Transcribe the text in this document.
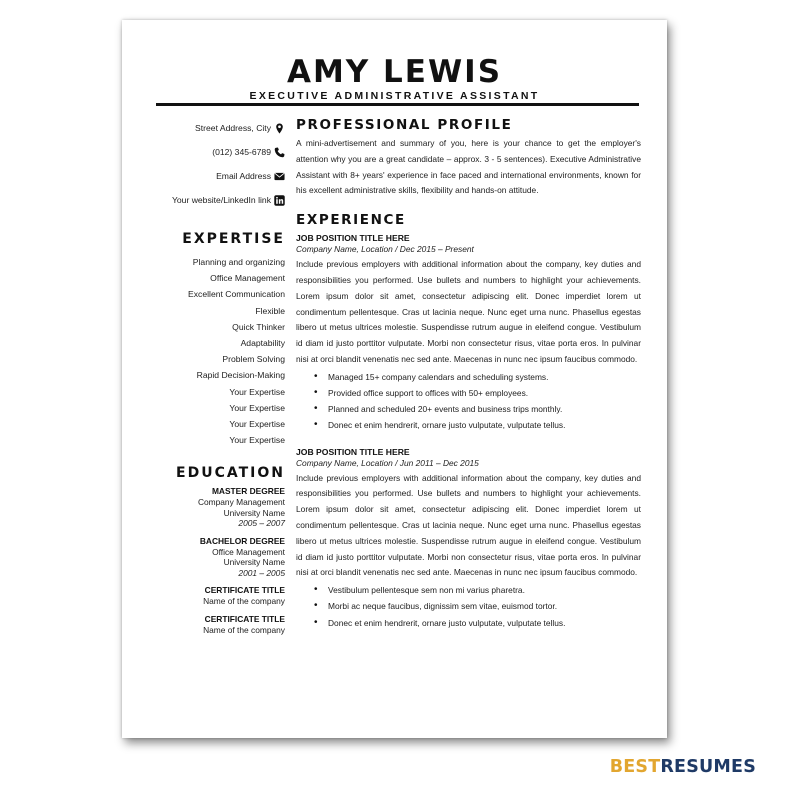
AMY LEWIS
EXECUTIVE ADMINISTRATIVE ASSISTANT
Street Address, City
(012) 345-6789
Email Address
Your website/LinkedIn link
EXPERTISE
Planning and organizing
Office Management
Excellent Communication
Flexible
Quick Thinker
Adaptability
Problem Solving
Rapid Decision-Making
Your Expertise
Your Expertise
Your Expertise
Your Expertise
EDUCATION
MASTER DEGREE
Company Management
University Name
2005 – 2007
BACHELOR DEGREE
Office Management
University Name
2001 – 2005
CERTIFICATE TITLE
Name of the company
CERTIFICATE TITLE
Name of the company
PROFESSIONAL PROFILE
A mini-advertisement and summary of you, here is your chance to get the employer's attention why you are a great candidate – approx. 3 - 5 sentences). Executive Administrative Assistant with 8+ years' experience in face paced and international environments, known for his excellent administrative skills, flexibility and hands-on attitude.
EXPERIENCE
JOB POSITION TITLE HERE
Company Name, Location / Dec 2015 – Present
Include previous employers with additional information about the company, key duties and responsibilities you performed. Use bullets and numbers to highlight your achievements. Lorem ipsum dolor sit amet, consectetur adipiscing elit. Donec imperdiet lorem ut condimentum pellentesque. Cras ut lacinia neque. Nunc eget urna nunc. Phasellus egestas libero ut metus ultrices molestie. Suspendisse rutrum augue in eleifend congue. Vestibulum id diam id justo porttitor vulputate. Morbi non consectetur risus, vitae porta eros. In pulvinar nisi at orci blandit venenatis nec sed ante. Maecenas in nunc nec ipsum faucibus commodo.
• Managed 15+ company calendars and scheduling systems.
• Provided office support to offices with 50+ employees.
• Planned and scheduled 20+ events and business trips monthly.
• Donec et enim hendrerit, ornare justo vulputate, vulputate tellus.
JOB POSITION TITLE HERE
Company Name, Location / Jun 2011 – Dec 2015
Include previous employers with additional information about the company, key duties and responsibilities you performed. Use bullets and numbers to highlight your achievements. Lorem ipsum dolor sit amet, consectetur adipiscing elit. Donec imperdiet lorem ut condimentum pellentesque. Cras ut lacinia neque. Nunc eget urna nunc. Phasellus egestas libero ut metus ultrices molestie. Suspendisse rutrum augue in eleifend congue. Vestibulum id diam id justo porttitor vulputate. Morbi non consectetur risus, vitae porta eros. In pulvinar nisi at orci blandit venenatis nec sed ante. Maecenas in nunc nec ipsum faucibus commodo.
• Vestibulum pellentesque sem non mi varius pharetra.
• Morbi ac neque faucibus, dignissim sem vitae, euismod tortor.
• Donec et enim hendrerit, ornare justo vulputate, vulputate tellus.
BESTRESUMES
